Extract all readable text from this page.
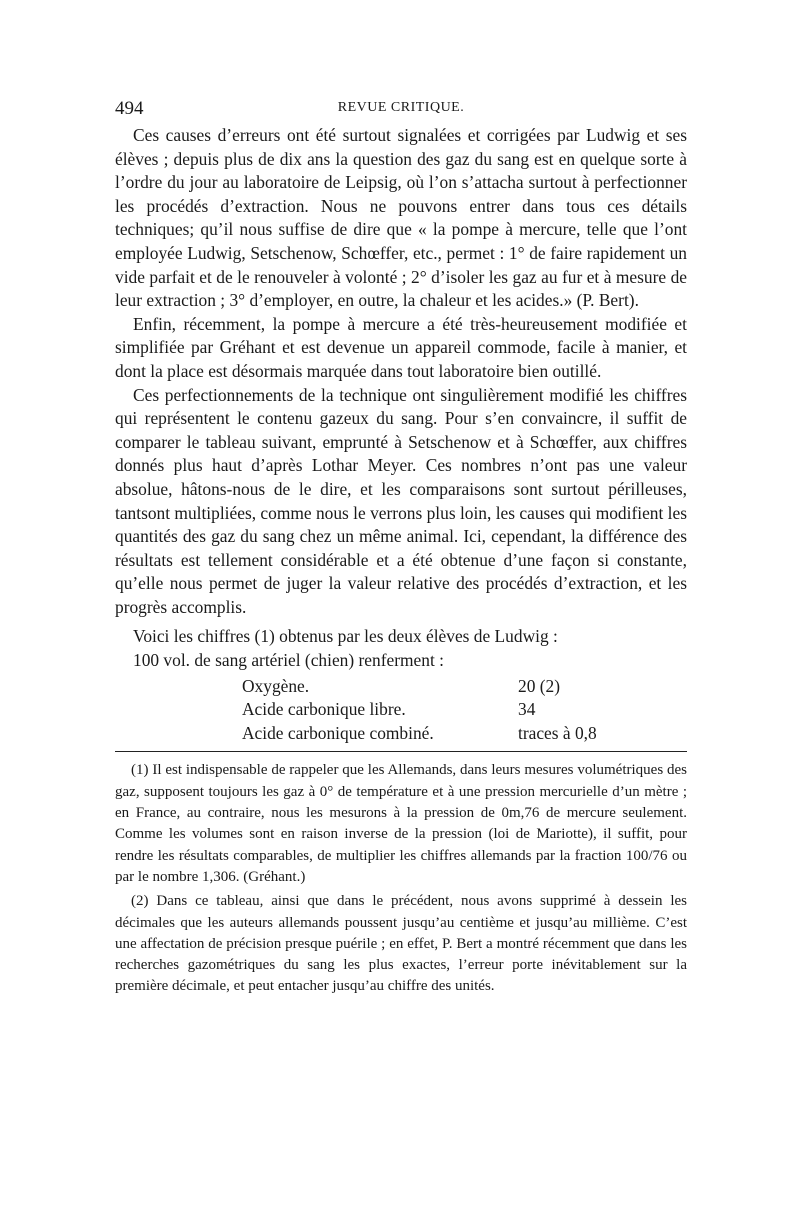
494	REVUE CRITIQUE.

Ces causes d’erreurs ont été surtout signalées et corrigées par Ludwig et ses élèves ; depuis plus de dix ans la question des gaz du sang est en quelque sorte à l’ordre du jour au laboratoire de Leipsig, où l’on s’attacha surtout à perfectionner les procédés d’extraction. Nous ne pouvons entrer dans tous ces détails techniques; qu’il nous suffise de dire que « la pompe à mercure, telle que l’ont employée Ludwig, Setschenow, Schœffer, etc., permet : 1° de faire rapidement un vide parfait et de le renouveler à volonté ; 2° d’isoler les gaz au fur et à mesure de leur extraction ; 3° d’employer, en outre, la chaleur et les acides.» (P. Bert).

Enfin, récemment, la pompe à mercure a été très-heureusement modifiée et simplifiée par Gréhant et est devenue un appareil commode, facile à manier, et dont la place est désormais marquée dans tout laboratoire bien outillé.

Ces perfectionnements de la technique ont singulièrement modifié les chiffres qui représentent le contenu gazeux du sang. Pour s’en convaincre, il suffit de comparer le tableau suivant, emprunté à Setschenow et à Schœffer, aux chiffres donnés plus haut d’après Lothar Meyer. Ces nombres n’ont pas une valeur absolue, hâtons-nous de le dire, et les comparaisons sont surtout périlleuses, tantsont multipliées, comme nous le verrons plus loin, les causes qui modifient les quantités des gaz du sang chez un même animal. Ici, cependant, la différence des résultats est tellement considérable et a été obtenue d’une façon si constante, qu’elle nous permet de juger la valeur relative des procédés d’extraction, et les progrès accomplis.

Voici les chiffres (1) obtenus par les deux élèves de Ludwig :

100 vol. de sang artériel (chien) renferment :

Oxygène.	20 (2)
Acide carbonique libre.	34
Acide carbonique combiné.	traces à 0,8

(1) Il est indispensable de rappeler que les Allemands, dans leurs mesures volumétriques des gaz, supposent toujours les gaz à 0° de température et à une pression mercurielle d’un mètre ; en France, au contraire, nous les mesurons à la pression de 0m,76 de mercure seulement. Comme les volumes sont en raison inverse de la pression (loi de Mariotte), il suffit, pour rendre les résultats comparables, de multiplier les chiffres allemands par la fraction 100/76 ou par le nombre 1,306. (Gréhant.)

(2) Dans ce tableau, ainsi que dans le précédent, nous avons supprimé à dessein les décimales que les auteurs allemands poussent jusqu’au centième et jusqu’au millième. C’est une affectation de précision presque puérile ; en effet, P. Bert a montré récemment que dans les recherches gazométriques du sang les plus exactes, l’erreur porte inévitablement sur la première décimale, et peut entacher jusqu’au chiffre des unités.
